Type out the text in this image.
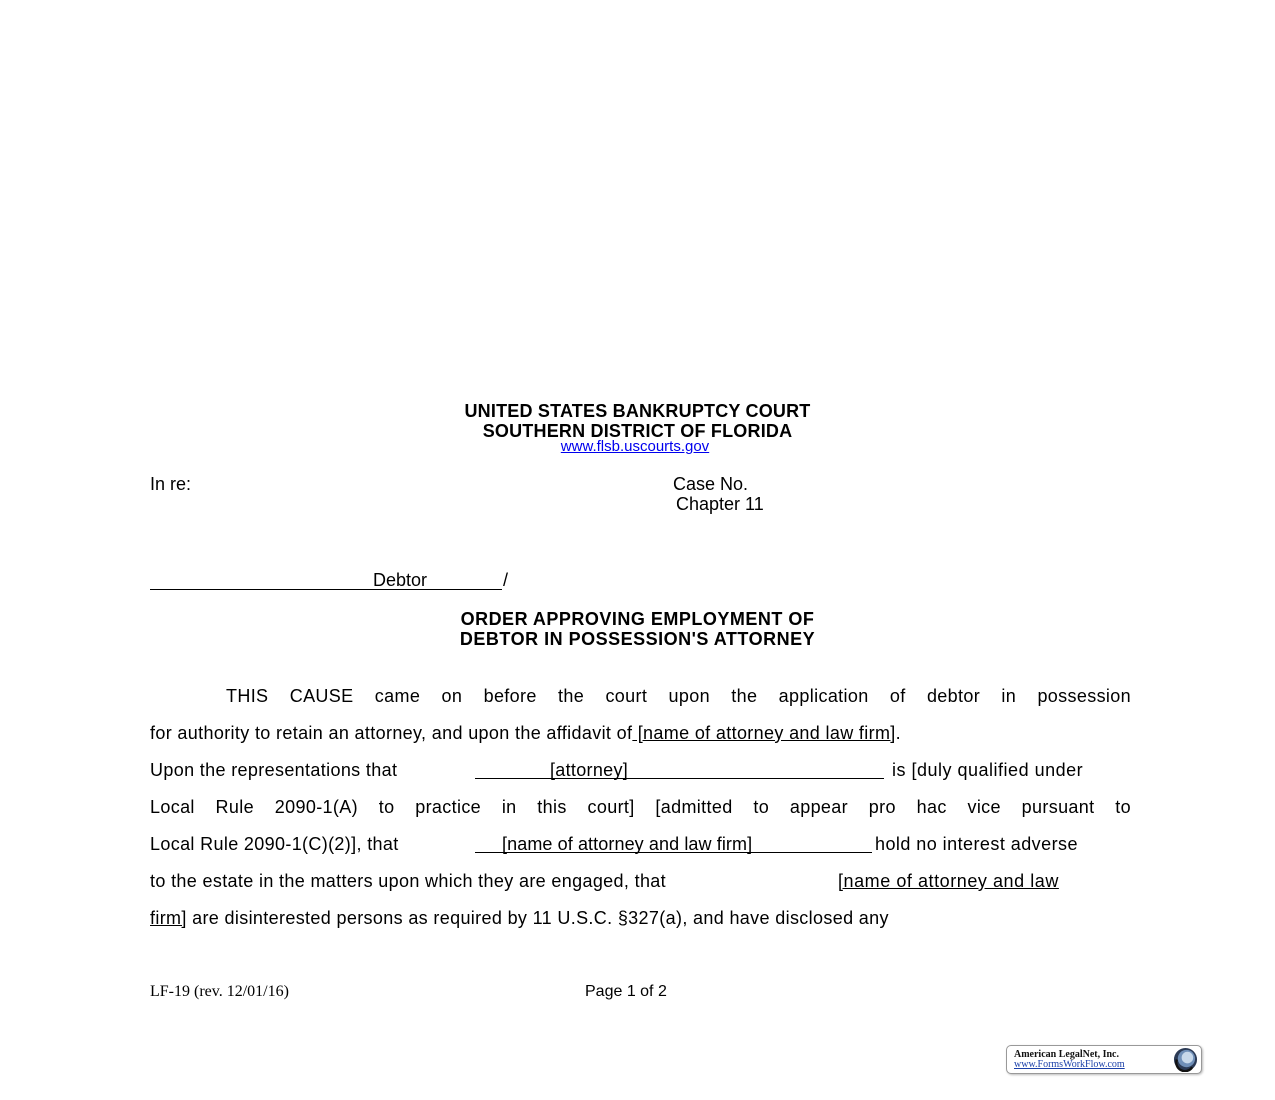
UNITED STATES BANKRUPTCY COURT
SOUTHERN DISTRICT OF FLORIDA
www.flsb.uscourts.gov
In re:	Case No.
Chapter 11
Debtor	/
ORDER APPROVING EMPLOYMENT OF
DEBTOR IN POSSESSION'S ATTORNEY
THIS CAUSE came on before the court upon the application of debtor in possession
for authority to retain an attorney, and upon the affidavit of [name of attorney and law firm].
Upon the representations that	[attorney]	is [duly qualified under
Local Rule 2090-1(A) to practice in this court] [admitted to appear pro hac vice pursuant to
Local Rule 2090-1(C)(2)], that	[name of attorney and law firm]	hold no interest adverse
to the estate in the matters upon which they are engaged, that	[name of attorney and law
firm] are disinterested persons as required by 11 U.S.C. §327(a), and have disclosed any
LF-19 (rev. 12/01/16)	Page 1 of 2
American LegalNet, Inc.
www.FormsWorkFlow.com
